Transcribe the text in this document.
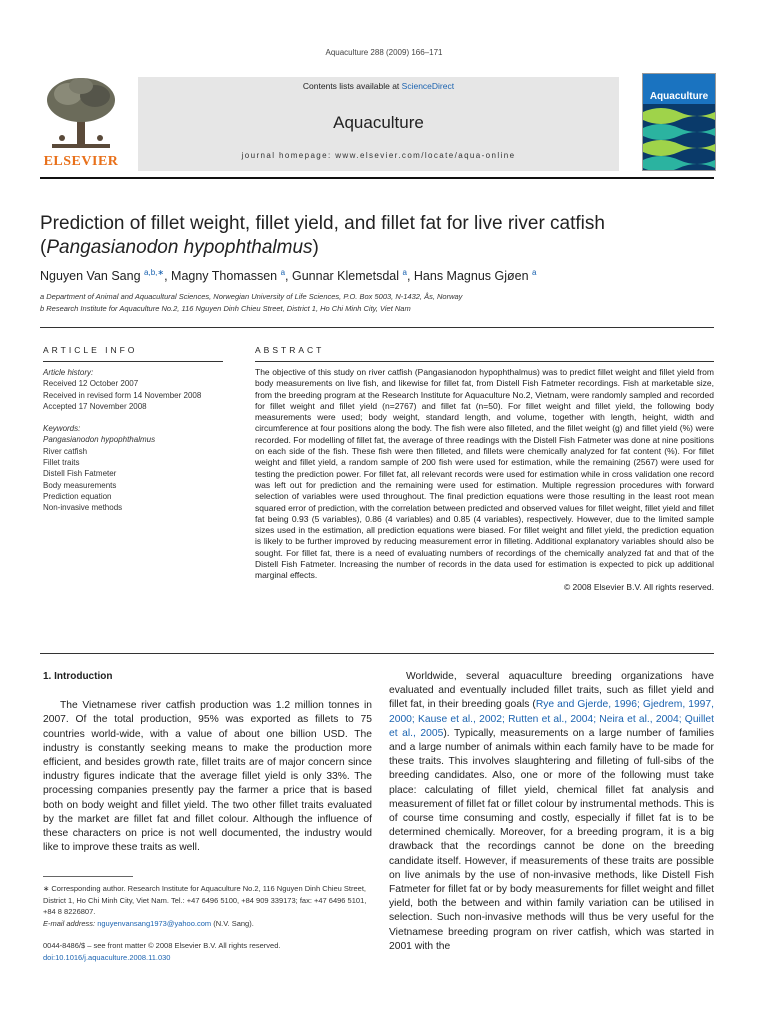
Aquaculture 288 (2009) 166–171
ELSEVIER
Contents lists available at ScienceDirect
Aquaculture
journal homepage: www.elsevier.com/locate/aqua-online
Aquaculture
Prediction of fillet weight, fillet yield, and fillet fat for live river catfish
(Pangasianodon hypophthalmus)
Nguyen Van Sang $^{a,b,∗}$, Magny Thomassen $^a$, Gunnar Klemetsdal $^a$, Hans Magnus Gjøen $^a$
a Department of Animal and Aquacultural Sciences, Norwegian University of Life Sciences, P.O. Box 5003, N-1432, Ås, Norway
b Research Institute for Aquaculture No.2, 116 Nguyen Dinh Chieu Street, District 1, Ho Chi Minh City, Viet Nam
ARTICLE INFO	ABSTRACT
Article history:
Received 12 October 2007
Received in revised form 14 November 2008
Accepted 17 November 2008
Keywords:
Pangasianodon hypophthalmus
River catfish
Fillet traits
Distell Fish Fatmeter
Body measurements
Prediction equation
Non-invasive methods
The objective of this study on river catfish (Pangasianodon hypophthalmus) was to predict fillet weight and fillet yield from body measurements on live fish, and likewise for fillet fat, from Distell Fish Fatmeter recordings. Fish at marketable size, from the breeding program at the Research Institute for Aquaculture No.2, Vietnam, were randomly sampled and recorded for fillet weight and fillet yield (n=2767) and fillet fat (n=50). For fillet weight and fillet yield, the following body measurements were used; body weight, standard length, and volume, together with length, height, width and circumference at four positions along the body. The fish were also filleted, and the fillet weight (g) and fillet yield (%) were recorded. For modelling of fillet fat, the average of three readings with the Distell Fish Fatmeter was done at nine positions on each side of the fish. These fish were then filleted, and fillets were chemically analyzed for fat content (%). For fillet weight and fillet yield, a random sample of 200 fish were used for estimation, while the remaining (2567) were used for testing the prediction power. For fillet fat, all relevant records were used for estimation while in cross validation one record was left out for prediction and the remaining were used for estimation. Multiple regression procedures with forward selection of variables were used throughout. The final prediction equations were those resulting in the least root mean squared error of prediction, with the correlation between predicted and observed values for fillet weight, fillet yield and fillet fat being 0.93 (5 variables), 0.86 (4 variables) and 0.85 (4 variables), respectively. However, due to the limited sample sizes used in the estimation, all prediction equations were biased. For fillet weight and fillet yield, the prediction equation is likely to be further improved by reducing measurement error in filleting. Additional explanatory variables should also be sought. For fillet fat, there is a need of evaluating numbers of recordings of the chemically analyzed fat and that of the Distell Fish Fatmeter. Increasing the number of records in the data used for estimation is expected to pick up additional marginal effects.
© 2008 Elsevier B.V. All rights reserved.
1. Introduction

The Vietnamese river catfish production was 1.2 million tonnes in 2007. Of the total production, 95% was exported as fillets to 75 countries world-wide, with a value of about one billion USD. The industry is constantly seeking means to make the production more efficient, and besides growth rate, fillet traits are of major concern since industry figures indicate that the average fillet yield is only 33%. The processing companies presently pay the farmer a price that is based both on body weight and fillet yield. The two other fillet traits evaluated by the market are fillet fat and fillet colour. Although the influence of these characters on price is not well documented, the industry would like to improve these traits as well.

Worldwide, several aquaculture breeding organizations have evaluated and eventually included fillet traits, such as fillet yield and fillet fat, in their breeding goals (Rye and Gjerde, 1996; Gjedrem, 1997, 2000; Kause et al., 2002; Rutten et al., 2004; Neira et al., 2004; Quillet et al., 2005). Typically, measurements on a large number of families and a large number of animals within each family have to be made for these traits. This involves slaughtering and filleting of full-sibs of the breeding candidates. Also, one or more of the following must take place: calculating of fillet yield, chemical fillet fat analysis and measurement of fillet fat or fillet colour by instrumental methods. This is of course time consuming and costly, especially if fillet fat is to be determined chemically. Moreover, for a breeding program, it is a big drawback that the recordings cannot be done on the breeding candidate itself. However, if measurements of these traits are possible on live animals by the use of non-invasive methods, like Distell Fish Fatmeter for fillet fat or by body measurements for fillet weight and fillet yield, both the between and within family variation can be utilised in selection. Such non-invasive methods will thus be very useful for the Vietnamese breeding program on river catfish, which was started in 2001 with the

∗ Corresponding author. Research Institute for Aquaculture No.2, 116 Nguyen Dinh Chieu Street, District 1, Ho Chi Minh City, Viet Nam. Tel.: +47 6496 5100, +84 909 339173; fax: +47 6496 5101, +84 8 8226807.
E-mail address: nguyenvansang1973@yahoo.com (N.V. Sang).
0044-8486/$ – see front matter © 2008 Elsevier B.V. All rights reserved.
doi:10.1016/j.aquaculture.2008.11.030
